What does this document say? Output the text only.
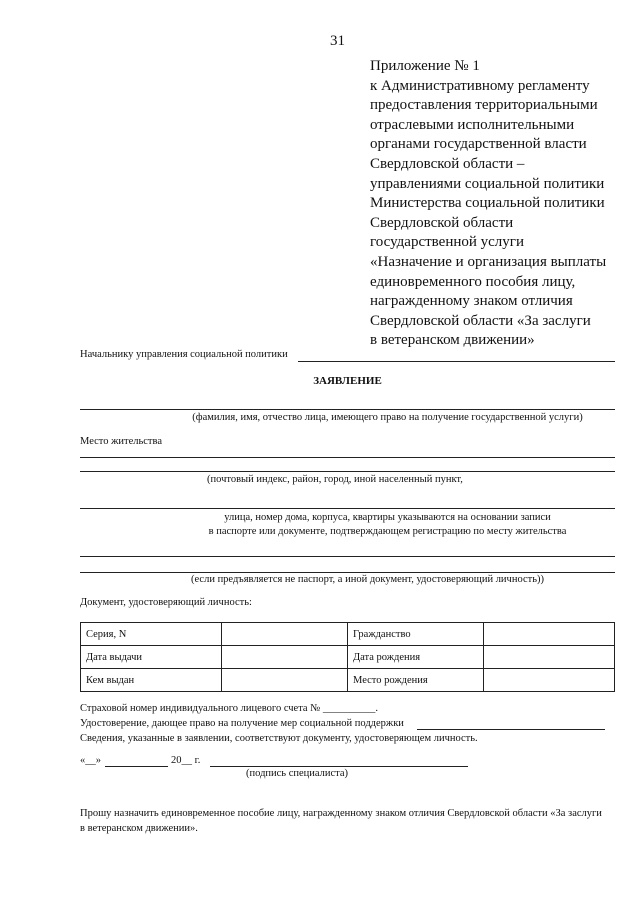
31
Приложение № 1
к Административному регламенту
предоставления территориальными
отраслевыми исполнительными
органами государственной власти
Свердловской области –
управлениями социальной политики
Министерства социальной политики
Свердловской области
государственной услуги
«Назначение и организация выплаты
единовременного пособия лицу,
награжденному знаком отличия
Свердловской области «За заслуги
в ветеранском движении»
Начальнику управления социальной политики
ЗАЯВЛЕНИЕ
(фамилия, имя, отчество лица, имеющего право на получение государственной услуги)
Место жительства
(почтовый индекс, район, город, иной населенный пункт,
улица, номер дома, корпуса, квартиры указываются на основании записи
в паспорте или документе, подтверждающем регистрацию по месту жительства
(если предъявляется не паспорт, а иной документ, удостоверяющий личность))
Документ, удостоверяющий личность:
Серия, N		Гражданство	
Дата выдачи		Дата рождения	
Кем выдан		Место рождения	
Страховой номер индивидуального лицевого счета № __________.
Удостоверение, дающее право на получение мер социальной поддержки
Сведения, указанные в заявлении, соответствуют документу, удостоверяющем личность.
«__»	20__ г.
(подпись специалиста)
Прошу назначить единовременное пособие лицу, награжденному знаком отличия Свердловской области «За заслуги
в ветеранском движении».
